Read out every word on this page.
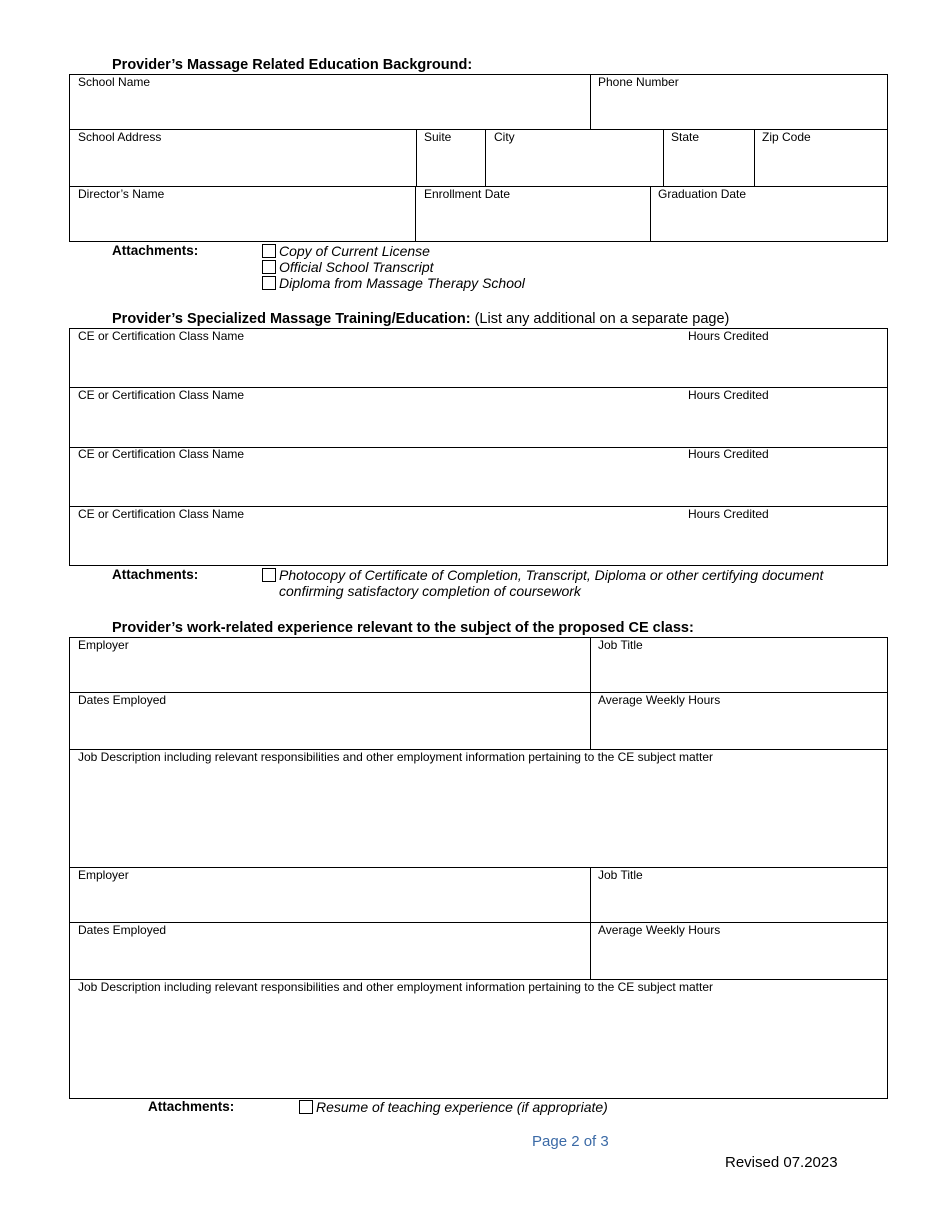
Provider’s Massage Related Education Background:
School Name	Phone Number
School Address	Suite	City	State	Zip Code
Director’s Name	Enrollment Date	Graduation Date
Attachments:	Copy of Current License
Official School Transcript
Diploma from Massage Therapy School
Provider’s Specialized Massage Training/Education: (List any additional on a separate page)
CE or Certification Class Name	Hours Credited
CE or Certification Class Name	Hours Credited
CE or Certification Class Name	Hours Credited
CE or Certification Class Name	Hours Credited
Attachments:	Photocopy of Certificate of Completion, Transcript, Diploma or other certifying document confirming satisfactory completion of coursework
Provider’s work-related experience relevant to the subject of the proposed CE class:
Employer	Job Title
Dates Employed	Average Weekly Hours
Job Description including relevant responsibilities and other employment information pertaining to the CE subject matter
Employer	Job Title
Dates Employed	Average Weekly Hours
Job Description including relevant responsibilities and other employment information pertaining to the CE subject matter
Attachments:	Resume of teaching experience (if appropriate)
Page 2 of 3
Revised 07.2023
